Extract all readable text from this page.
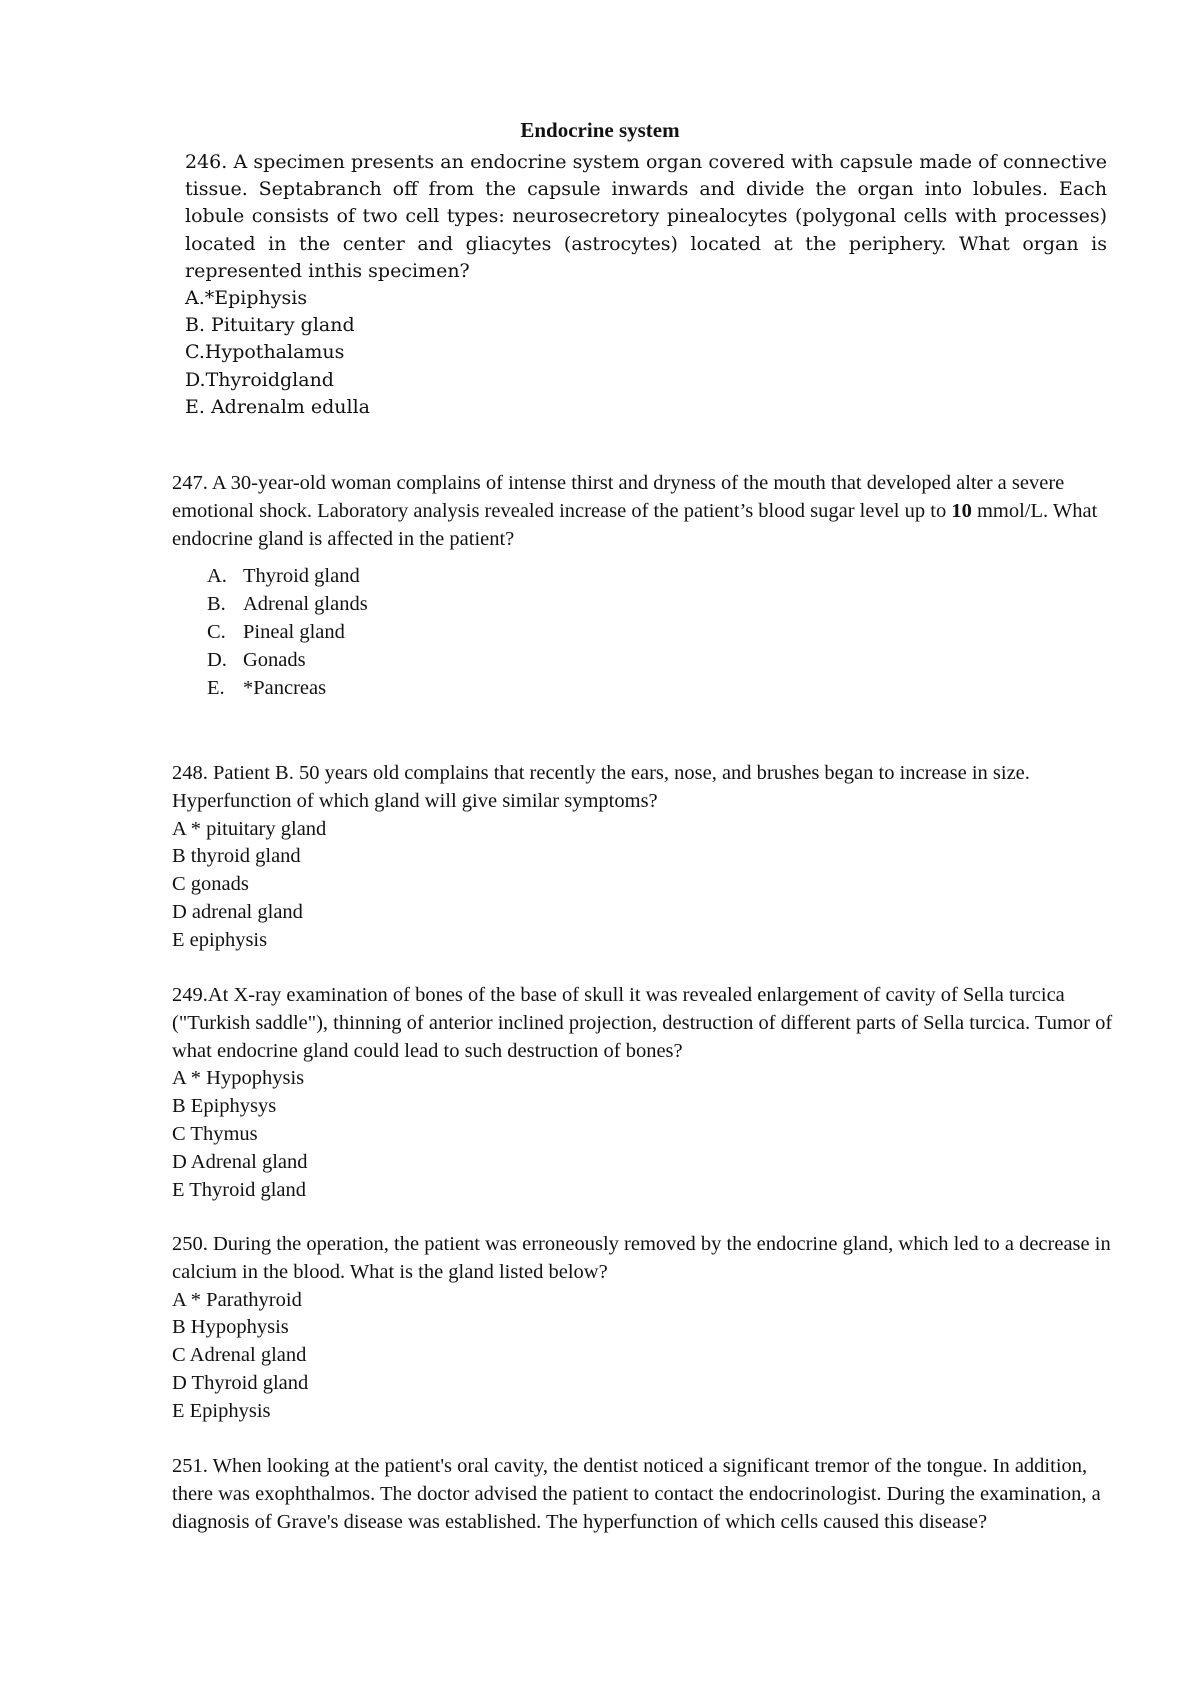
Endocrine system

246. A specimen presents an endocrine system organ covered with capsule made of connective tissue. Septabranch off from the capsule inwards and divide the organ into lobules. Each lobule consists of two cell types: neurosecretory pinealocytes (polygonal cells with processes) located in the center and gliacytes (astrocytes) located at the periphery. What organ is represented inthis specimen?

A.*Epiphysis

B. Pituitary gland

C.Hypothalamus

D.Thyroidgland

E. Adrenalm edulla

247. A 30-year-old woman complains of intense thirst and dryness of the mouth that developed alter a severe emotional shock. Laboratory analysis revealed increase of the patient’s blood sugar level up to 10 mmol/L. What endocrine gland is affected in the patient?

A. Thyroid gland
B. Adrenal glands
C. Pineal gland
D. Gonads
E. *Pancreas

248. Patient B. 50 years old complains that recently the ears, nose, and brushes began to increase in size. Hyperfunction of which gland will give similar symptoms?

A * pituitary gland

B thyroid gland

C gonads

D adrenal gland

E epiphysis

249.At X-ray examination of bones of the base of skull it was revealed enlargement of cavity of Sella turcica ("Turkish saddle"), thinning of anterior inclined projection, destruction of different parts of Sella turcica. Tumor of what endocrine gland could lead to such destruction of bones?

A * Hypophysis

B Epiphysys

C Thymus

D Adrenal gland

E Thyroid gland

250. During the operation, the patient was erroneously removed by the endocrine gland, which led to a decrease in calcium in the blood. What is the gland listed below?

A * Parathyroid

B Hypophysis

C Adrenal gland

D Thyroid gland

E Epiphysis

251. When looking at the patient's oral cavity, the dentist noticed a significant tremor of the tongue. In addition, there was exophthalmos. The doctor advised the patient to contact the endocrinologist. During the examination, a diagnosis of Grave's disease was established. The hyperfunction of which cells caused this disease?
